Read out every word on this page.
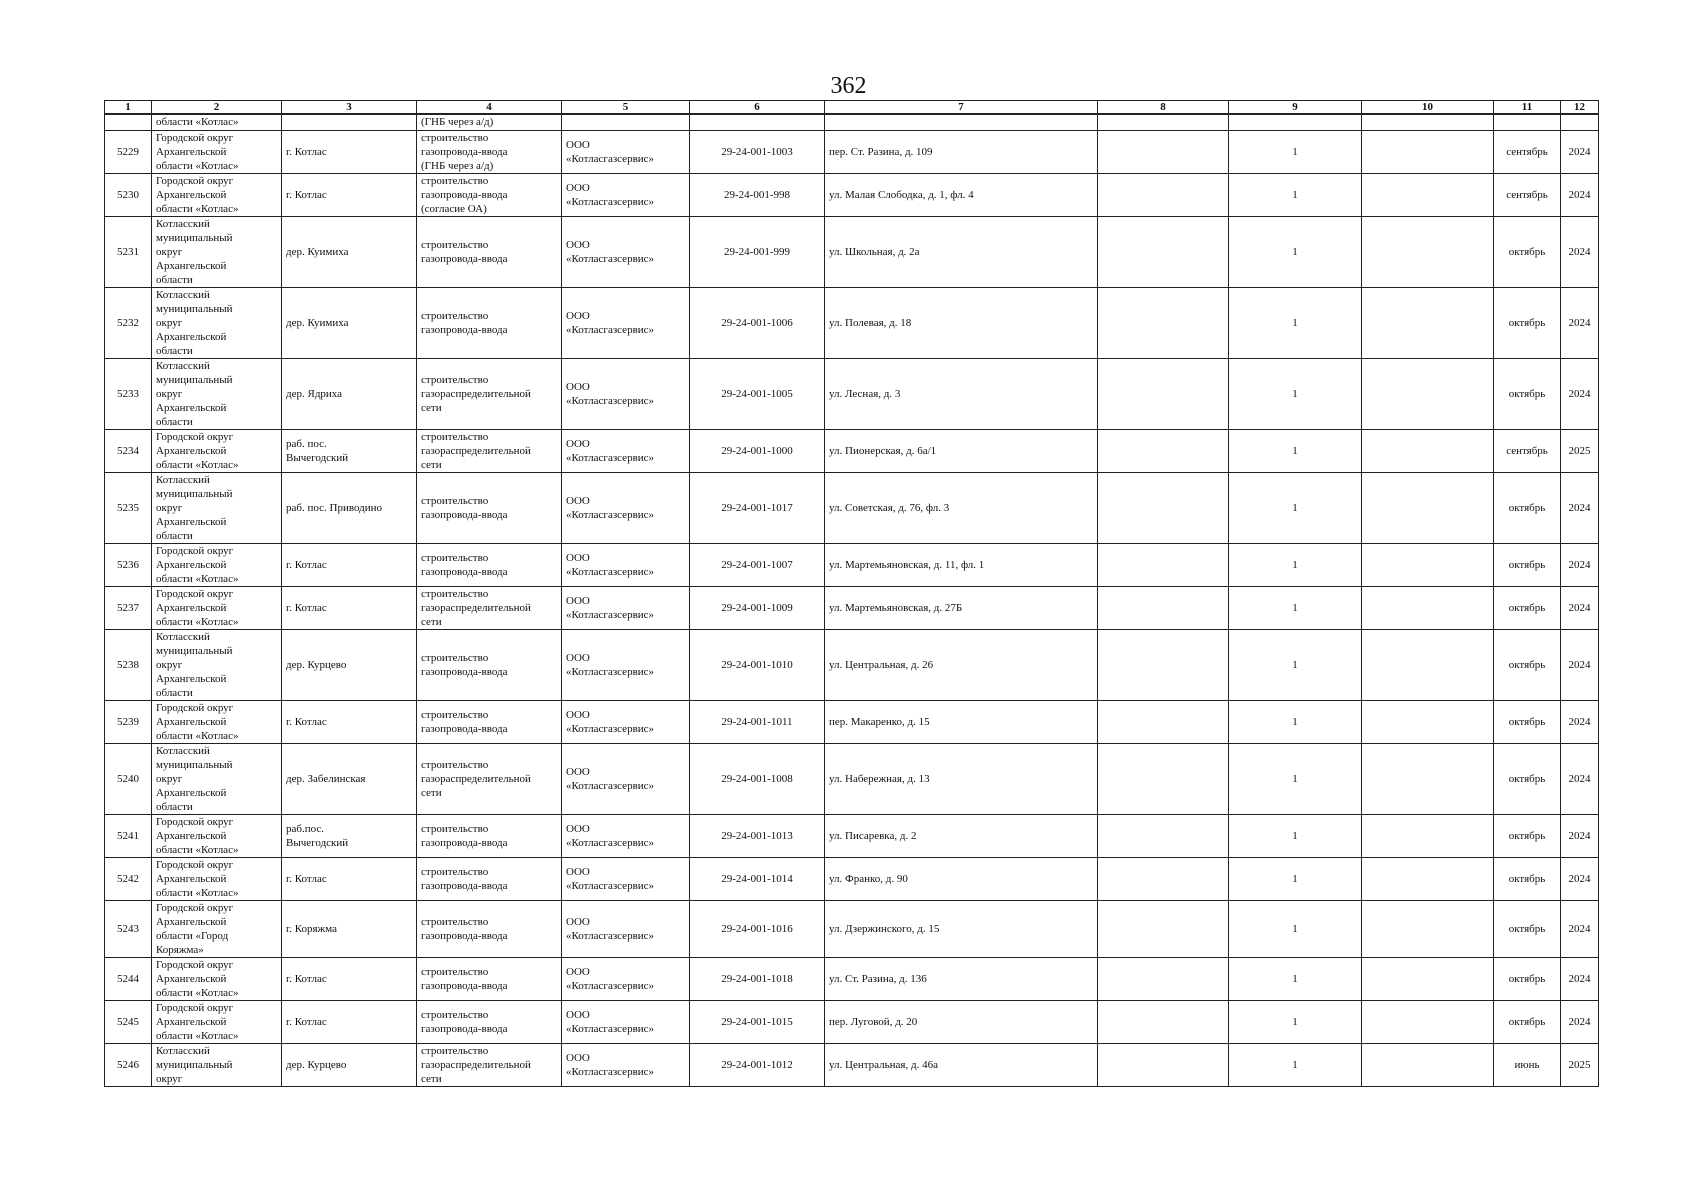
362
1	2	3	4	5	6	7	8	9	10	11	12
	области «Котлас»		(ГНБ через а/д)								
5229	Городской округ
Архангельской
области «Котлас»	г. Котлас	строительство
газопровода-ввода
(ГНБ через а/д)	ООО
«Котласгазсервис»	29-24-001-1003	пер. Ст. Разина, д. 109		1		сентябрь	2024
5230	Городской округ
Архангельской
области «Котлас»	г. Котлас	строительство
газопровода-ввода
(согласие ОА)	ООО
«Котласгазсервис»	29-24-001-998	ул. Малая Слободка, д. 1, фл. 4		1		сентябрь	2024
5231	Котласский
муниципальный
округ
Архангельской
области	дер. Куимиха	строительство
газопровода-ввода	ООО
«Котласгазсервис»	29-24-001-999	ул. Школьная, д. 2а		1		октябрь	2024
5232	Котласский
муниципальный
округ
Архангельской
области	дер. Куимиха	строительство
газопровода-ввода	ООО
«Котласгазсервис»	29-24-001-1006	ул. Полевая, д. 18		1		октябрь	2024
5233	Котласский
муниципальный
округ
Архангельской
области	дер. Ядриха	строительство
газораспределительной
сети	ООО
«Котласгазсервис»	29-24-001-1005	ул. Лесная, д. 3		1		октябрь	2024
5234	Городской округ
Архангельской
области «Котлас»	раб. пос.
Вычегодский	строительство
газораспределительной
сети	ООО
«Котласгазсервис»	29-24-001-1000	ул. Пионерская, д. 6а/1		1		сентябрь	2025
5235	Котласский
муниципальный
округ
Архангельской
области	раб. пос. Приводино	строительство
газопровода-ввода	ООО
«Котласгазсервис»	29-24-001-1017	ул. Советская, д. 76, фл. 3		1		октябрь	2024
5236	Городской округ
Архангельской
области «Котлас»	г. Котлас	строительство
газопровода-ввода	ООО
«Котласгазсервис»	29-24-001-1007	ул. Мартемьяновская, д. 11, фл. 1		1		октябрь	2024
5237	Городской округ
Архангельской
области «Котлас»	г. Котлас	строительство
газораспределительной
сети	ООО
«Котласгазсервис»	29-24-001-1009	ул. Мартемьяновская, д. 27Б		1		октябрь	2024
5238	Котласский
муниципальный
округ
Архангельской
области	дер. Курцево	строительство
газопровода-ввода	ООО
«Котласгазсервис»	29-24-001-1010	ул. Центральная, д. 26		1		октябрь	2024
5239	Городской округ
Архангельской
области «Котлас»	г. Котлас	строительство
газопровода-ввода	ООО
«Котласгазсервис»	29-24-001-1011	пер. Макаренко, д. 15		1		октябрь	2024
5240	Котласский
муниципальный
округ
Архангельской
области	дер. Забелинская	строительство
газораспределительной
сети	ООО
«Котласгазсервис»	29-24-001-1008	ул. Набережная, д. 13		1		октябрь	2024
5241	Городской округ
Архангельской
области «Котлас»	раб.пос.
Вычегодский	строительство
газопровода-ввода	ООО
«Котласгазсервис»	29-24-001-1013	ул. Писаревка, д. 2		1		октябрь	2024
5242	Городской округ
Архангельской
области «Котлас»	г. Котлас	строительство
газопровода-ввода	ООО
«Котласгазсервис»	29-24-001-1014	ул. Франко, д. 90		1		октябрь	2024
5243	Городской округ
Архангельской
области «Город
Коряжма»	г. Коряжма	строительство
газопровода-ввода	ООО
«Котласгазсервис»	29-24-001-1016	ул. Дзержинского, д. 15		1		октябрь	2024
5244	Городской округ
Архангельской
области «Котлас»	г. Котлас	строительство
газопровода-ввода	ООО
«Котласгазсервис»	29-24-001-1018	ул. Ст. Разина, д. 136		1		октябрь	2024
5245	Городской округ
Архангельской
области «Котлас»	г. Котлас	строительство
газопровода-ввода	ООО
«Котласгазсервис»	29-24-001-1015	пер. Луговой, д. 20		1		октябрь	2024
5246	Котласский
муниципальный
округ	дер. Курцево	строительство
газораспределительной
сети	ООО
«Котласгазсервис»	29-24-001-1012	ул. Центральная, д. 46а		1		июнь	2025
